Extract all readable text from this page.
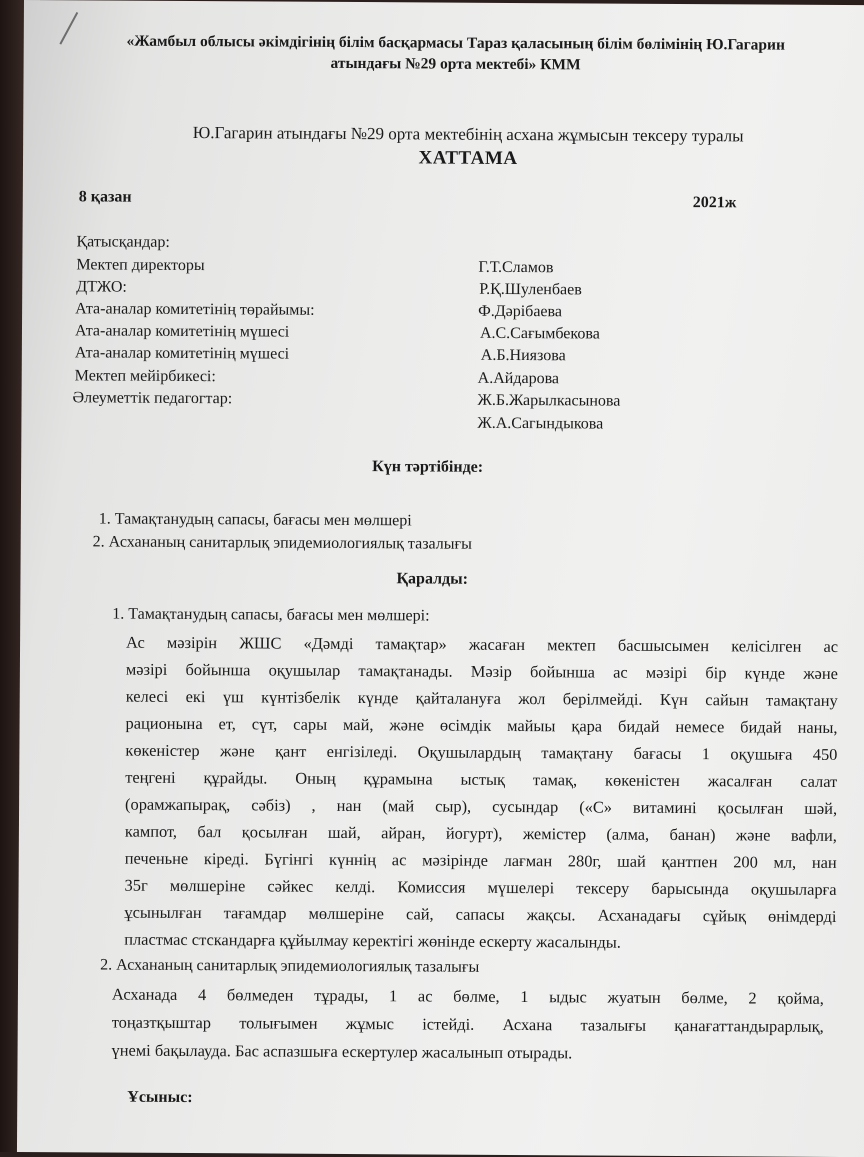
«Жамбыл облысы әкімдігінің білім басқармасы Тараз қаласының білім бөлімінің Ю.Гагарин
атындағы №29 орта мектебі» КММ
Ю.Гагарин атындағы №29 орта мектебінің асхана жұмысын тексеру туралы
ХАТТАМА
8 қазан	2021ж
Қатысқандар:
Мектеп директоры	Г.Т.Сламов
ДТЖО:	Р.Қ.Шуленбаев
Ата-аналар комитетінің төрайымы:	Ф.Дәрібаева
Ата-аналар комитетінің мүшесі	А.С.Сағымбекова
Ата-аналар комитетінің мүшесі	А.Б.Ниязова
Мектеп мейірбикесі:	А.Айдарова
Әлеуметтік педагогтар:	Ж.Б.Жарылкасынова
Ж.А.Сагындыкова
Күн тәртібінде:
1. Тамақтанудың сапасы, бағасы мен мөлшері
2. Асхананың санитарлық эпидемиологиялық тазалығы
Қаралды:
1. Тамақтанудың сапасы, бағасы мен мөлшері:
Ас мәзірін ЖШС «Дәмді тамақтар» жасаған мектеп басшысымен келісілген ас
мәзірі бойынша оқушылар тамақтанады. Мәзір бойынша ас мәзірі бір күнде және
келесі екі үш күнтізбелік күнде қайталануға жол берілмейді. Күн сайын тамақтану
рационына ет, сүт, сары май, және өсімдік майыы қара бидай немесе бидай наны,
көкеністер және қант енгізіледі. Оқушылардың тамақтану бағасы 1 оқушыға 450
теңгені құрайды. Оның құрамына ыстық тамақ, көкеністен жасалған салат
(орамжапырақ, сәбіз) , нан (май сыр), сусындар («С» витамині қосылған шәй,
кампот, бал қосылған шай, айран, йогурт), жемістер (алма, банан) және вафли,
печеньне кіреді. Бүгінгі күннің ас мәзірінде лағман 280г, шай қантпен 200 мл, нан
35г мөлшеріне сәйкес келді. Комиссия мүшелері тексеру барысында оқушыларға
ұсынылған тағамдар мөлшеріне сай, сапасы жақсы. Асханадағы сұйық өнімдерді
пластмас стскандарға құйылмау керектігі жөнінде ескерту жасалынды.
2. Асхананың санитарлық эпидемиологиялық тазалығы
Асханада 4 бөлмеден тұрады, 1 ас бөлме, 1 ыдыс жуатын бөлме, 2 қойма,
тоңазтқыштар толығымен жұмыс істейді. Асхана тазалығы қанағаттандырарлық,
үнемі бақылауда. Бас аспазшыға ескертулер жасалынып отырады.
Ұсыныс:
